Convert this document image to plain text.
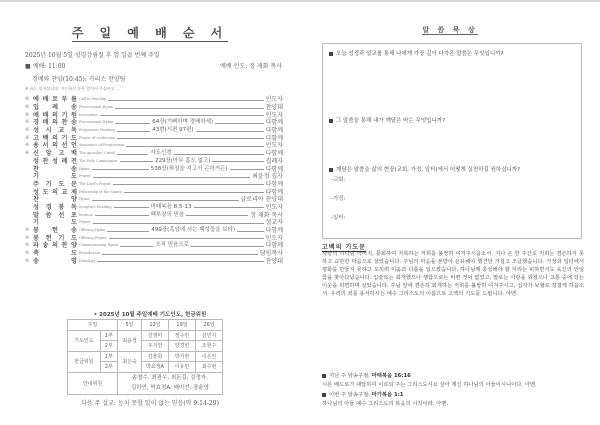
주 일 예 배 순 서
2025년 10월 5일 성령강림절 후 열 일곱 번째 주일
■ 예배: 11:00	예배 인도: 정 재화 목사
경배와 찬양(10:45): 카리스 찬양팀
※ 표는 일어섭니다. 가능하신 분은 일어서 주십시오.
※ 예 배 로 부 름 Call to Worship	인도자
※ 입 례 송 Processional Hymn	찬양대
※ 예 배 의 기 원 Invocation	인도자
※ 경 배 의 찬 송 Processional Hymn	64장(기뻐하며 경배하세)	다함께
※ 성 시 교 독 Responsive Reading	43번(시편 97편)	다함께
※ 고 백 의 기 도 Prayer of confession	다함께
※ 용 서 의 선 언 Assurance of Forgiveness	인도자
※ 신 앙 고 백 The Apostles' Creed	사도신경	다함께
성 찬 성 례 전 The Holy Communion	229장(아무 흠도 없고)	집례자
찬	송 Hymn	538장(죄짐을 지고서 곤하거든)	다함께
기	도 Prayer	최윤정 집사
주 기 도 문 The Lord's Prayer	다함께
성 도 의 교 제 Fellowship of the Saints	다함께
찬	양 Hymn	글로리아 찬양대
성 경 봉 독 Scripture Reading	마태복음 8:5-13	인도자
말 씀 선 포 Sermon	백부장의 믿음	정 재화 목사
기	도 Prayer	설교자
※ 봉 헌 송 Offering Hymn	499장(흑암에 사는 백성들을 보라)	다함께
※ 봉 헌 기 도 Offering Prayer	인도자
※ 파 송 의 찬 양 Commissioning Hymn	오직 믿음으로	다함께
※ 축	도 Benediction	담임목사
※ 송	영 Doxology	찬양대
• 2025년 10월 주일예배 기도인도, 헌금위원
주일		5일	12일	19일	26일
기도인도	1부	최윤정	김영미	정수민	김민지
	2부		우지연	양경빈	조현수
헌금위원	1부	최은숙	김흥희	박지현	이은진
	2부		박효정A	이유민	최수현
안내위원		송철수, 최광우, 최돈길, 김정자,
김하연, 박효정A, 배미선, 장윤영			
다음 주 설교: 능치 못할 일이 없는 믿음(막 9:14-29)
말 씀 묵 상
오늘 성경과 설교를 통해 나에게 가장 깊이 다가온 말씀은 무엇입니까?
그 말씀을 통해 내가 깨달은 바는 무엇입니까?
깨달은 말씀을 삶의 현장(교회, 가정, 일터)에서 어떻게 실천하길 원하십니까?
-교회:
-가정:
-일터:
고백의 기도문
사랑의 하나님 아버지, 통회하며 자복하는 저희를 불쌍히 여겨주시옵소서. 지나 온 한 주간도 저희는 겸손하지 못하고 교만한 마음으로 살았습니다. 주님의 마음을 본받아 온유해야 했건만 거칠고 조급했습니다. 가정과 일터에서 평화를 만들지 못하고 오히려 미움과 다툼을 일으켰습니다. 하나님께 충성해야 할 자리는 피하면서도 육신의 안일함을 찾아다녔습니다. 입술로는 회개했으나 행함으로는 바뀐 것이 없었고, 말로는 사랑을 외쳤으나 고통 중에 있는 이웃을 외면하며 살았습니다. 주님 앞에 겸손히 회개하는 저희를 불쌍히 여겨주시고, 십자가 보혈로 정결케 하옵소서. 우리의 죄를 용서하시는 예수 그리스도의 이름으로 고백의 기도를 드립니다. 아멘.
지난 주 암송구절: 마태복음 16:16
시몬 베드로가 대답하여 이르되 주는 그리스도시요 살아 계신 하나님의 아들이시니이다. 아멘.
이번 주 암송구절: 마가복음 1:1
하나님의 아들 예수 그리스도의 복음의 시작이라. 아멘.
